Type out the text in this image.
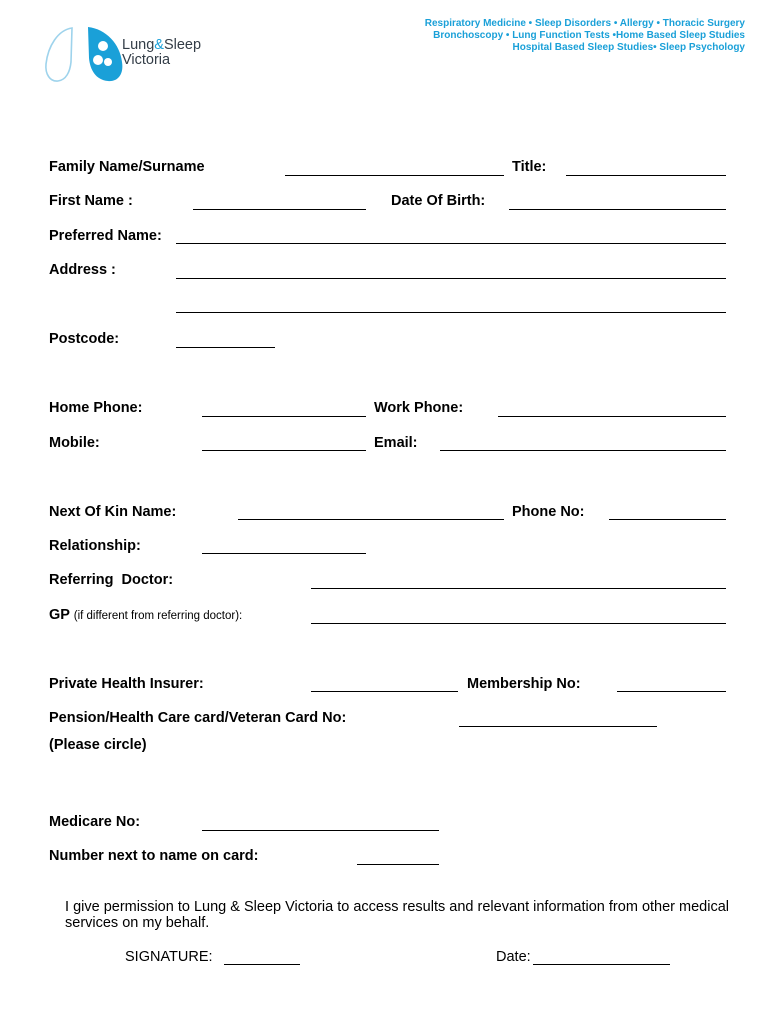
Lung&Sleep
Victoria
Respiratory Medicine • Sleep Disorders • Allergy • Thoracic Surgery
Bronchoscopy • Lung Function Tests •Home Based Sleep Studies
Hospital Based Sleep Studies• Sleep Psychology
Family Name/Surname	Title:
First Name :	Date Of Birth:
Preferred Name:
Address :
Postcode:
Home Phone:	Work Phone:
Mobile:	Email:
Next Of Kin Name:	Phone No:
Relationship:
Referring  Doctor:
GP (if different from referring doctor):
Private Health Insurer:	Membership No:
Pension/Health Care card/Veteran Card No:
(Please circle)
Medicare No:
Number next to name on card:
I give permission to Lung & Sleep Victoria to access results and relevant information from other medical services on my behalf.
SIGNATURE:	Date:
